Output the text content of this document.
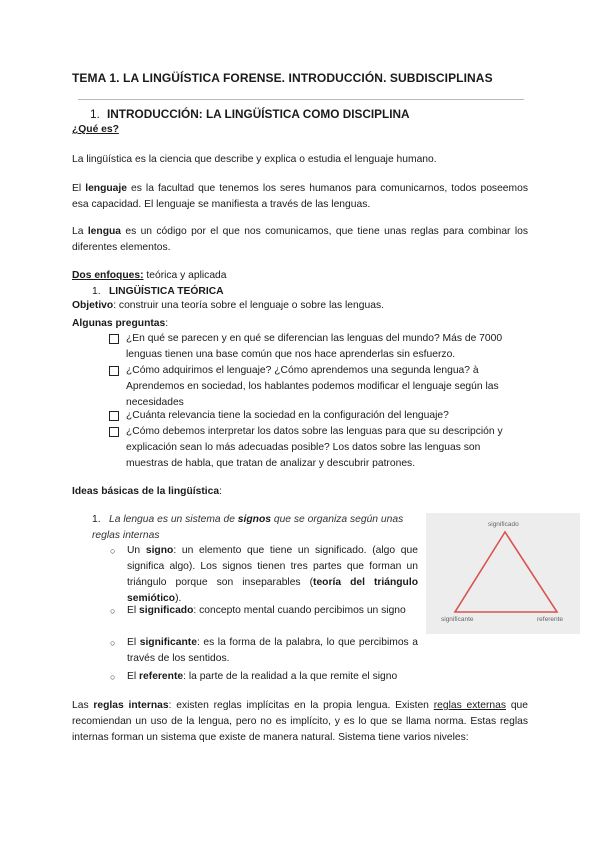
TEMA 1. LA LINGÜÍSTICA FORENSE. INTRODUCCIÓN. SUBDISCIPLINAS
1. INTRODUCCIÓN: LA LINGÜÍSTICA COMO DISCIPLINA
¿Qué es?
La lingüística es la ciencia que describe y explica o estudia el lenguaje humano.
El lenguaje es la facultad que tenemos los seres humanos para comunicarnos, todos poseemos esa capacidad. El lenguaje se manifiesta a través de las lenguas.
La lengua es un código por el que nos comunicamos, que tiene unas reglas para combinar los diferentes elementos.
Dos enfoques: teórica y aplicada
1. LINGÜÍSTICA TEÓRICA
Objetivo: construir una teoría sobre el lenguaje o sobre las lenguas.
Algunas preguntas:
¿En qué se parecen y en qué se diferencian las lenguas del mundo? Más de 7000 lenguas tienen una base común que nos hace aprenderlas sin esfuerzo.
¿Cómo adquirimos el lenguaje? ¿Cómo aprendemos una segunda lengua? à Aprendemos en sociedad, los hablantes podemos modificar el lenguaje según las necesidades
¿Cuánta relevancia tiene la sociedad en la configuración del lenguaje?
¿Cómo debemos interpretar los datos sobre las lenguas para que su descripción y explicación sean lo más adecuadas posible? Los datos sobre las lenguas son muestras de habla, que tratan de analizar y descubrir patrones.
Ideas básicas de la lingüística:
1. La lengua es un sistema de signos que se organiza según unas reglas internas
○ Un signo: un elemento que tiene un significado. (algo que significa algo). Los signos tienen tres partes que forman un triángulo porque son inseparables (teoría del triángulo semiótico).
○ El significado: concepto mental cuando percibimos un signo
○ El significante: es la forma de la palabra, lo que percibimos a través de los sentidos.
○ El referente: la parte de la realidad a la que remite el signo
significado
significante	referente
Las reglas internas: existen reglas implícitas en la propia lengua. Existen reglas externas que recomiendan un uso de la lengua, pero no es implícito, y es lo que se llama norma. Estas reglas internas forman un sistema que existe de manera natural. Sistema tiene varios niveles:
